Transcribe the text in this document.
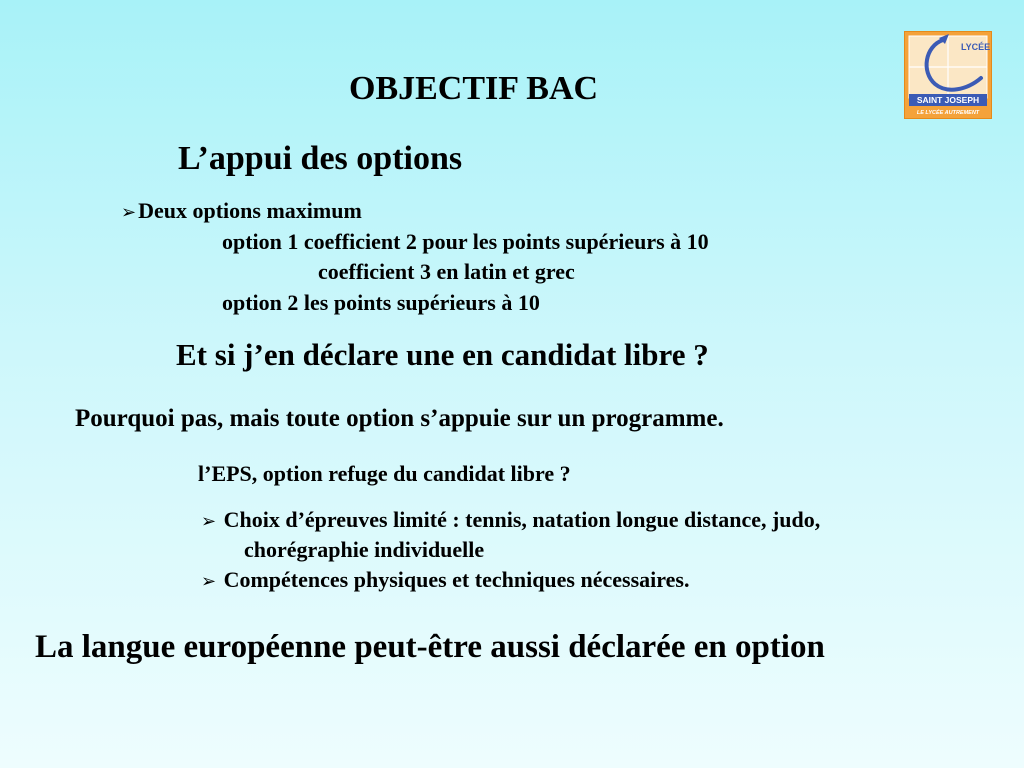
OBJECTIF BAC
L’appui des options
➢Deux options maximum
option 1 coefficient 2 pour les points supérieurs à 10
coefficient 3 en latin et grec
option 2 les points supérieurs à 10
Et si j’en déclare une en candidat libre ?
Pourquoi pas, mais toute option s’appuie sur un programme.
l’EPS, option refuge du candidat libre ?
➢ Choix d’épreuves limité : tennis, natation longue distance, judo,
chorégraphie individuelle
➢ Compétences physiques et techniques nécessaires.
La langue européenne peut-être aussi déclarée en option
LYCÉE
SAINT JOSEPH
LE LYCÉE AUTREMENT
